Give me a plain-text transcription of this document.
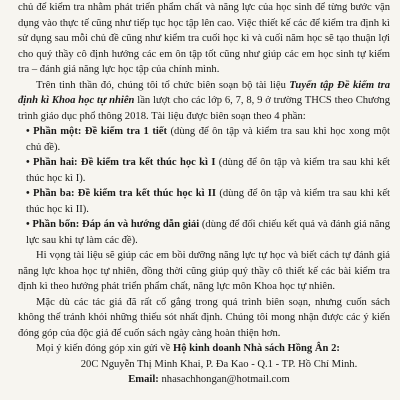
chủ để kiểm tra nhằm phát triển phẩm chất và năng lực của học sinh để từng bước vận dụng vào thực tế cũng như tiếp tục học tập lên cao. Việc thiết kế các để kiểm tra định kì sử dụng sau mỗi chủ đề cũng như kiểm tra cuối học kì và cuối năm học sẽ tạo thuận lợi cho quý thầy cô định hướng các em ôn tập tốt cũng như giúp các em học sinh tự kiểm tra – đánh giá năng lực học tập của chính mình.

Trên tinh thần đó, chúng tôi tổ chức biên soạn bộ tài liệu Tuyển tập Đề kiểm tra định kì Khoa học tự nhiên lần lượt cho các lớp 6, 7, 8, 9 ở trường THCS theo Chương trình giáo dục phổ thông 2018. Tài liệu được biên soạn theo 4 phần:

• Phần một: Đề kiểm tra 1 tiết (dùng để ôn tập và kiểm tra sau khi học xong một chủ đề).

• Phần hai: Đề kiểm tra kết thúc học kì I (dùng để ôn tập và kiểm tra sau khi kết thúc học kì I).

• Phần ba: Đề kiểm tra kết thúc học kì II (dùng để ôn tập và kiểm tra sau khi kết thúc học kì II).

• Phần bốn: Đáp án và hướng dẫn giải (dùng để đối chiếu kết quả và đánh giá năng lực sau khi tự làm các đề).

Hi vọng tài liệu sẽ giúp các em bồi dưỡng năng lực tự học và biết cách tự đánh giá năng lực khoa học tự nhiên, đồng thời cũng giúp quý thầy cô thiết kế các bài kiểm tra định kì theo hướng phát triển phẩm chất, năng lực môn Khoa học tự nhiên.

Mặc dù các tác giả đã rất cố gắng trong quá trình biên soạn, nhưng cuốn sách không thể tránh khỏi những thiếu sót nhất định. Chúng tôi mong nhận được các ý kiến đóng góp của độc giả để cuốn sách ngày càng hoàn thiện hơn.

Mọi ý kiến đóng góp xin gửi về Hộ kinh doanh Nhà sách Hồng Ân 2:

20C Nguyễn Thị Minh Khai, P. Đa Kao - Q.1 - TP. Hồ Chí Minh.

Email: nhasachhongan@hotmail.com
